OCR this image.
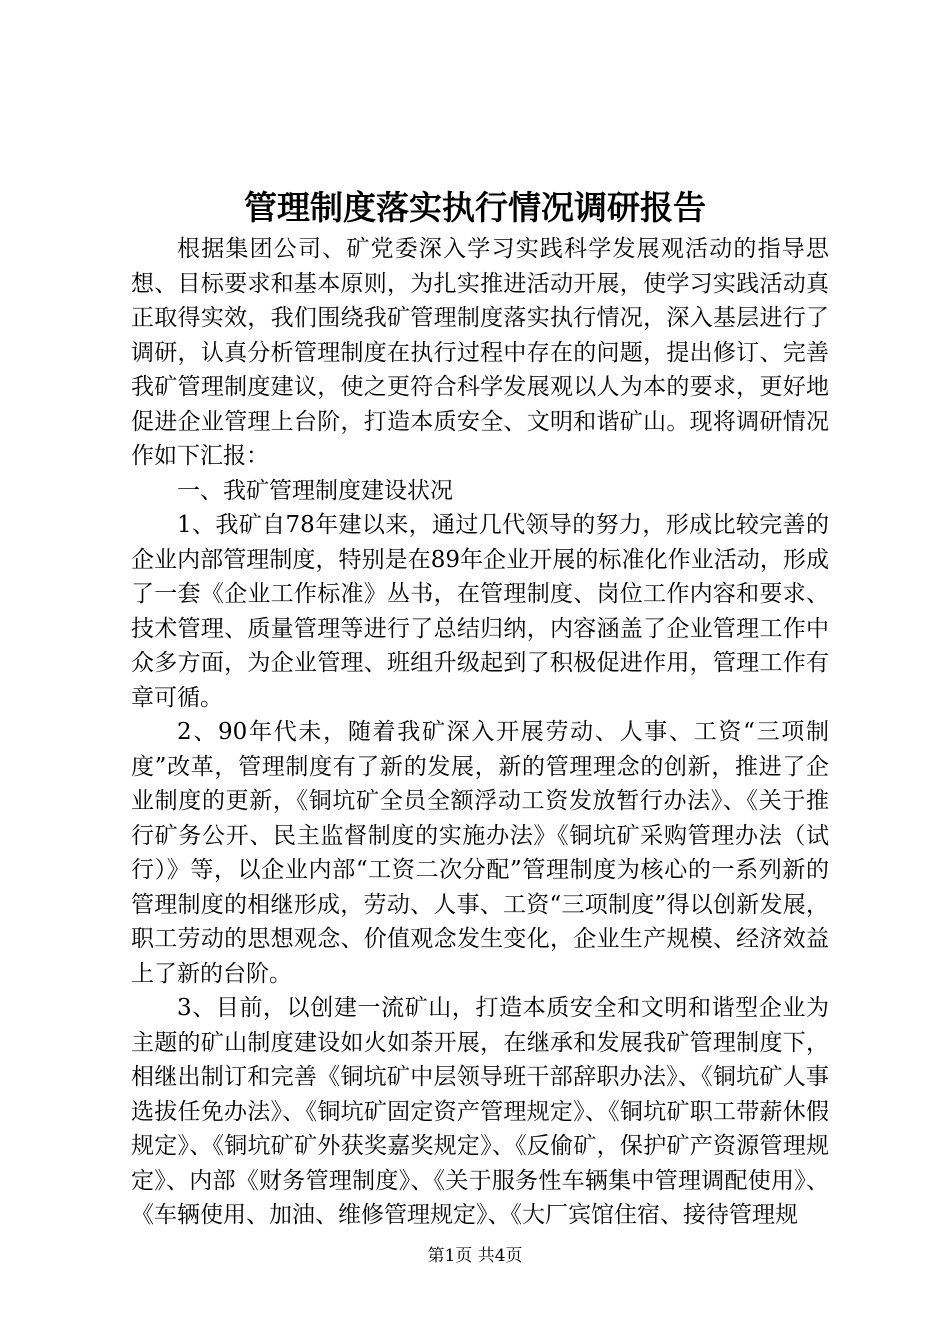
管理制度落实执行情况调研报告

根据集团公司、矿党委深入学习实践科学发展观活动的指导思想、目标要求和基本原则，为扎实推进活动开展，使学习实践活动真正取得实效，我们围绕我矿管理制度落实执行情况，深入基层进行了调研，认真分析管理制度在执行过程中存在的问题，提出修订、完善我矿管理制度建议，使之更符合科学发展观以人为本的要求，更好地促进企业管理上台阶，打造本质安全、文明和谐矿山。现将调研情况作如下汇报：

一、我矿管理制度建设状况

1、我矿自78年建以来，通过几代领导的努力，形成比较完善的企业内部管理制度，特别是在89年企业开展的标准化作业活动，形成了一套《企业工作标准》丛书，在管理制度、岗位工作内容和要求、技术管理、质量管理等进行了总结归纳，内容涵盖了企业管理工作中众多方面，为企业管理、班组升级起到了积极促进作用，管理工作有章可循。

2、90年代未，随着我矿深入开展劳动、人事、工资“三项制度”改革，管理制度有了新的发展，新的管理理念的创新，推进了企业制度的更新，《铜坑矿全员全额浮动工资发放暂行办法》、《关于推行矿务公开、民主监督制度的实施办法》《铜坑矿采购管理办法（试行）》等，以企业内部“工资二次分配”管理制度为核心的一系列新的管理制度的相继形成，劳动、人事、工资“三项制度”得以创新发展，职工劳动的思想观念、价值观念发生变化，企业生产规模、经济效益上了新的台阶。

3、目前，以创建一流矿山，打造本质安全和文明和谐型企业为主题的矿山制度建设如火如荼开展，在继承和发展我矿管理制度下，相继出制订和完善《铜坑矿中层领导班干部辞职办法》、《铜坑矿人事选拔任免办法》、《铜坑矿固定资产管理规定》、《铜坑矿职工带薪休假规定》、《铜坑矿矿外获奖嘉奖规定》、《反偷矿，保护矿产资源管理规定》、内部《财务管理制度》、《关于服务性车辆集中管理调配使用》、《车辆使用、加油、维修管理规定》、《大厂宾馆住宿、接待管理规

第1页 共4页
